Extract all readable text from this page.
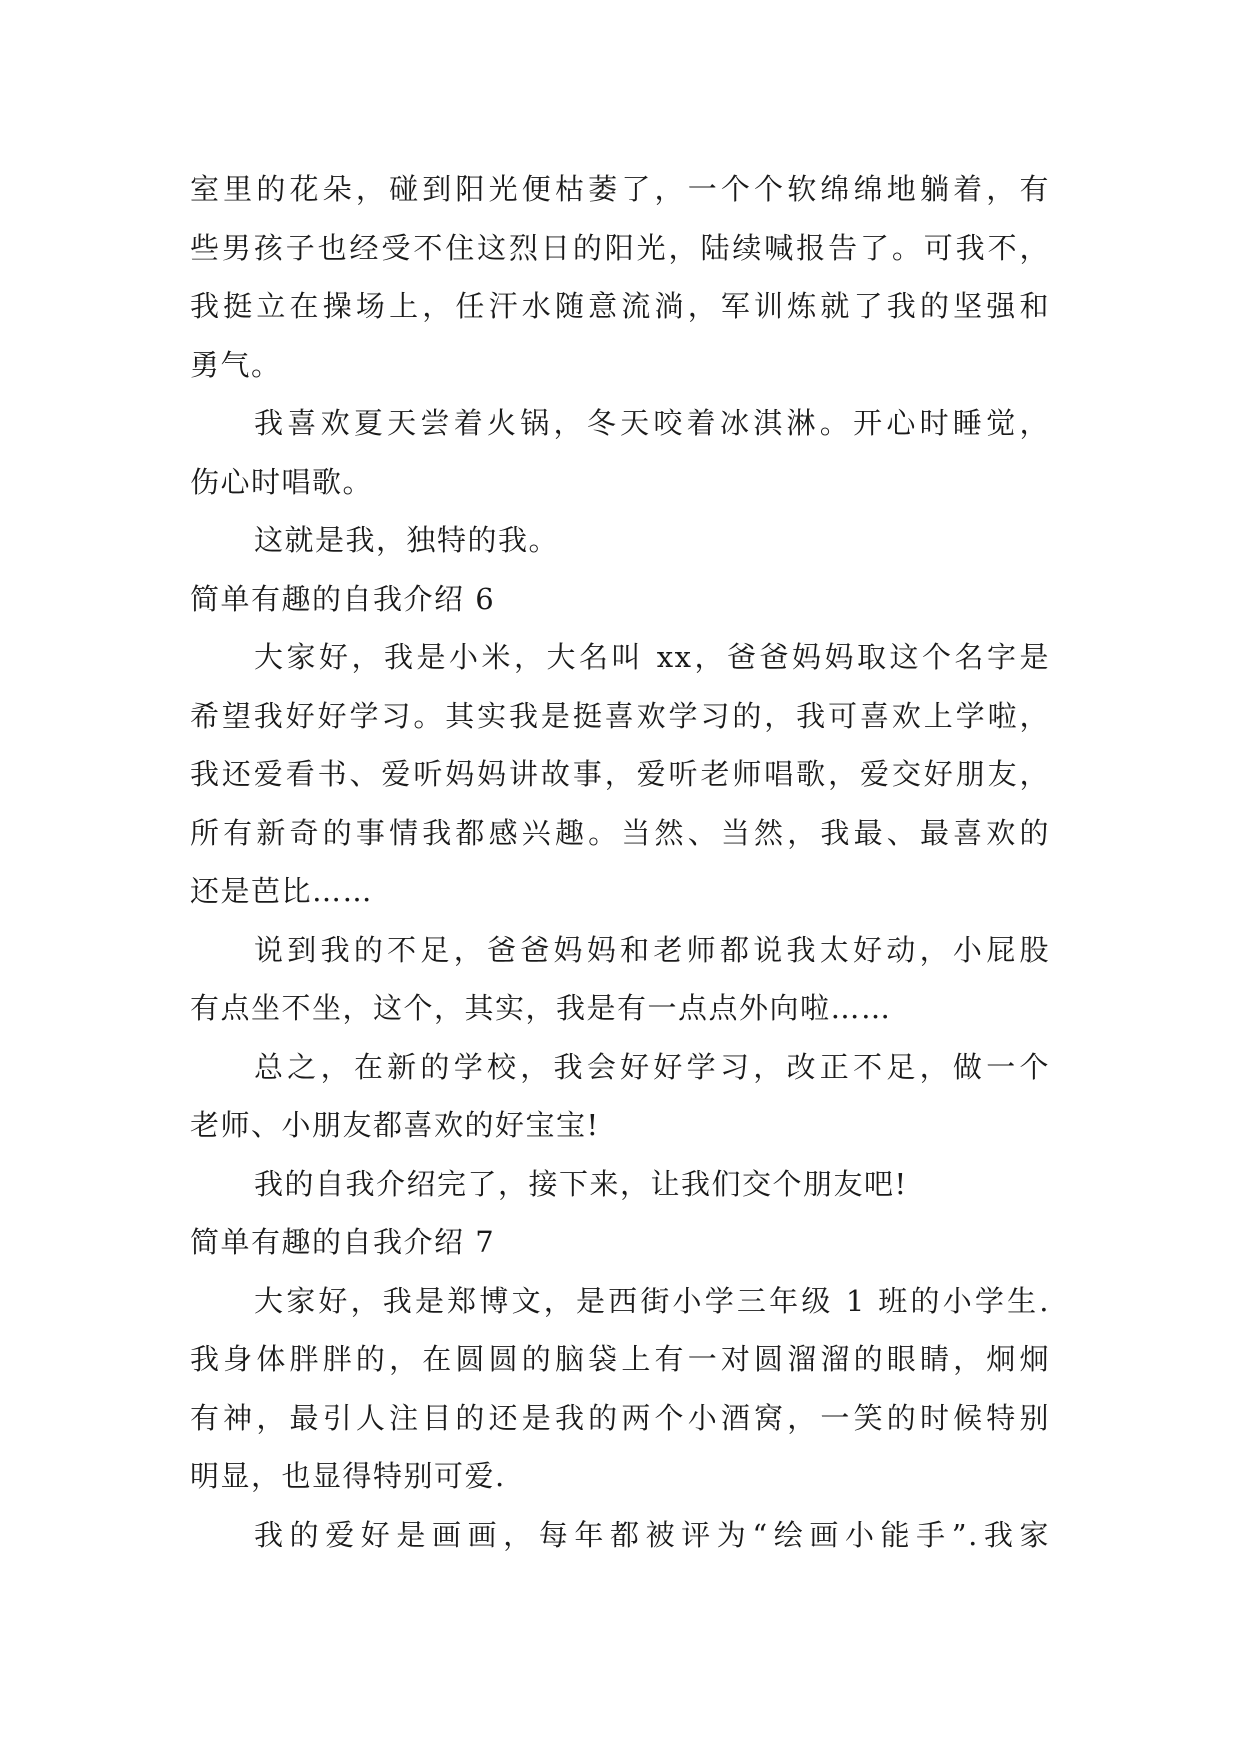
室里的花朵，碰到阳光便枯萎了，一个个软绵绵地躺着，有
些男孩子也经受不住这烈日的阳光，陆续喊报告了。可我不，
我挺立在操场上，任汗水随意流淌，军训炼就了我的坚强和
勇气。
我喜欢夏天尝着火锅，冬天咬着冰淇淋。开心时睡觉，
伤心时唱歌。
这就是我，独特的我。
简单有趣的自我介绍 6
大家好，我是小米，大名叫 xx，爸爸妈妈取这个名字是
希望我好好学习。其实我是挺喜欢学习的，我可喜欢上学啦，
我还爱看书、爱听妈妈讲故事，爱听老师唱歌，爱交好朋友，
所有新奇的事情我都感兴趣。当然、当然，我最、最喜欢的
还是芭比……
说到我的不足，爸爸妈妈和老师都说我太好动，小屁股
有点坐不坐，这个，其实，我是有一点点外向啦……
总之，在新的学校，我会好好学习，改正不足，做一个
老师、小朋友都喜欢的好宝宝!
我的自我介绍完了，接下来，让我们交个朋友吧!
简单有趣的自我介绍 7
大家好，我是郑博文，是西街小学三年级 1 班的小学生.
我身体胖胖的，在圆圆的脑袋上有一对圆溜溜的眼睛，炯炯
有神，最引人注目的还是我的两个小酒窝，一笑的时候特别
明显，也显得特别可爱.
我的爱好是画画，每年都被评为“绘画小能手”.我家
